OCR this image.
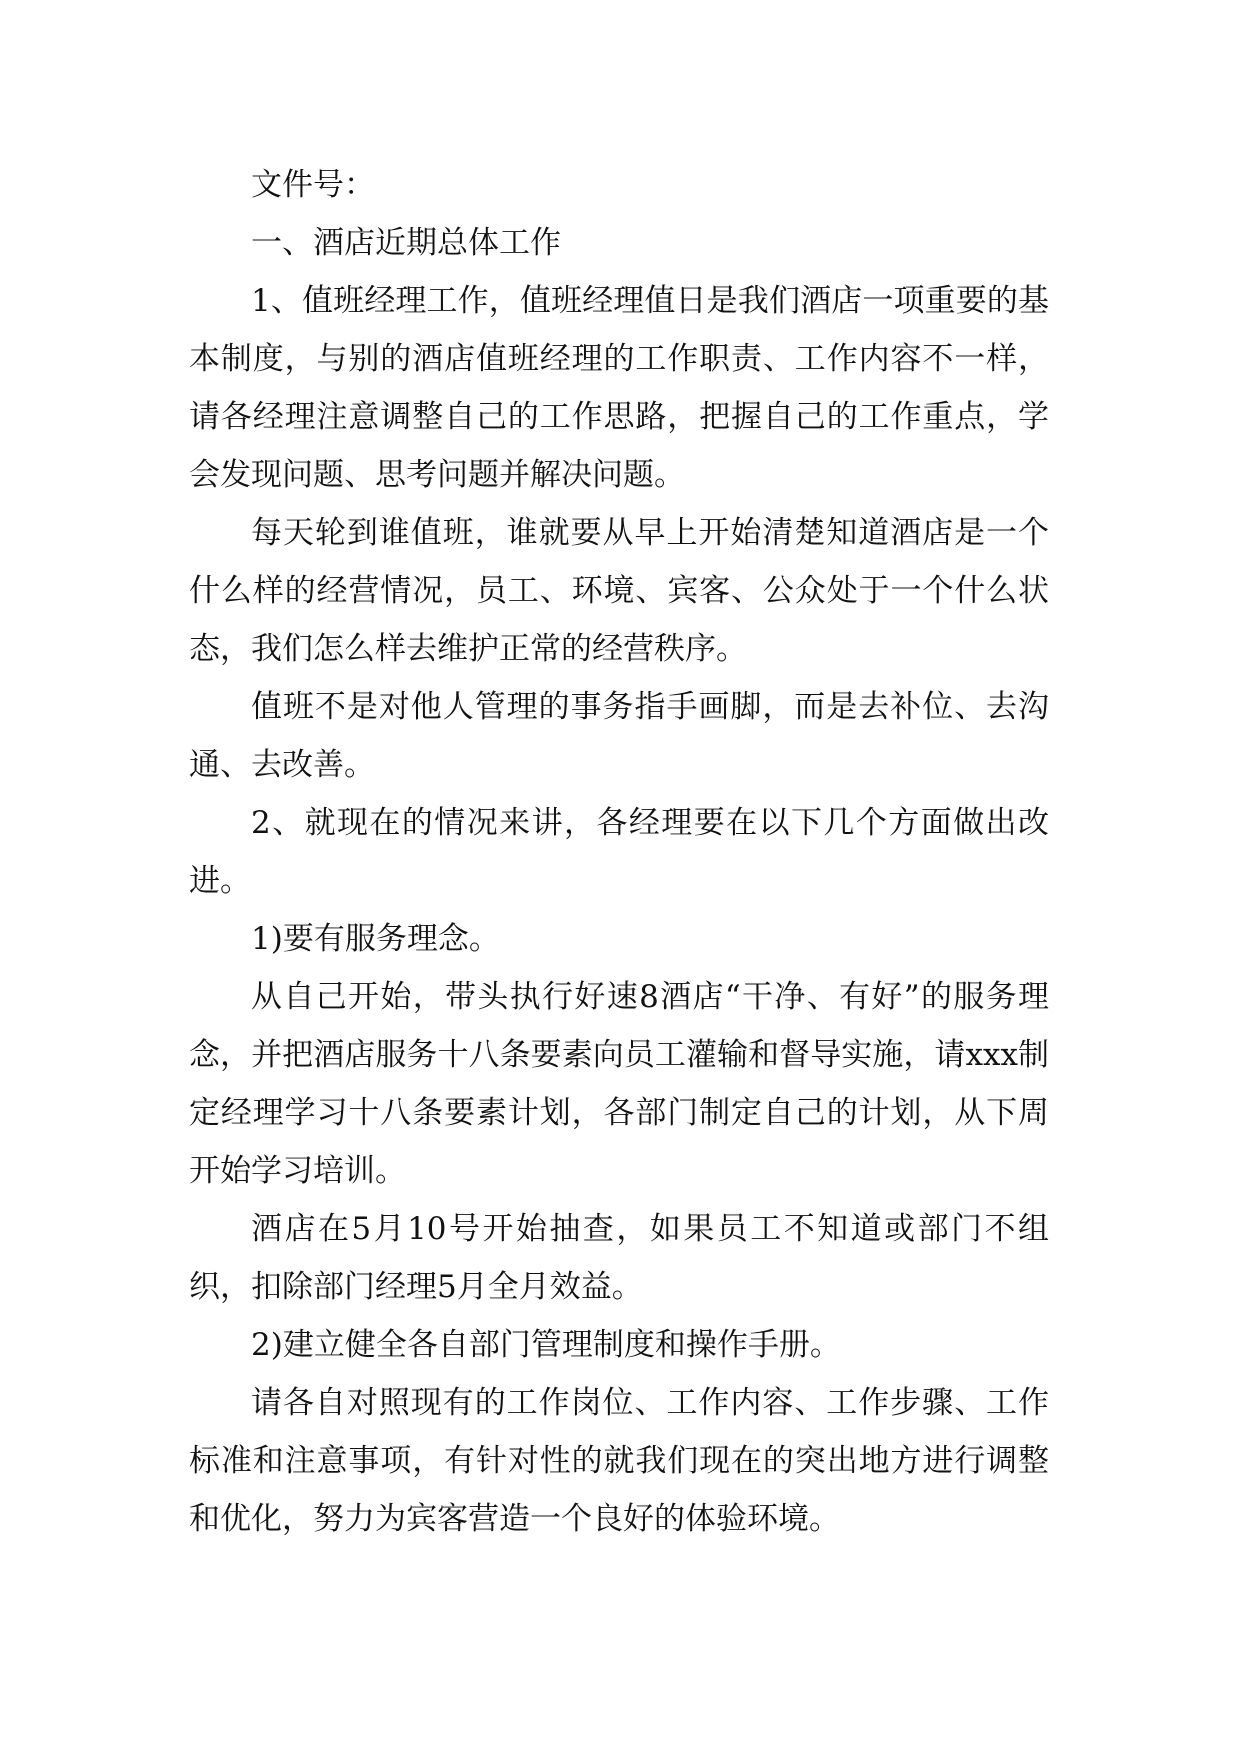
文件号：

一、酒店近期总体工作

1、值班经理工作，值班经理值日是我们酒店一项重要的基本制度，与别的酒店值班经理的工作职责、工作内容不一样，请各经理注意调整自己的工作思路，把握自己的工作重点，学会发现问题、思考问题并解决问题。

每天轮到谁值班，谁就要从早上开始清楚知道酒店是一个什么样的经营情况，员工、环境、宾客、公众处于一个什么状态，我们怎么样去维护正常的经营秩序。

值班不是对他人管理的事务指手画脚，而是去补位、去沟通、去改善。

2、就现在的情况来讲，各经理要在以下几个方面做出改进。

1)要有服务理念。

从自己开始，带头执行好速8酒店“干净、有好”的服务理念，并把酒店服务十八条要素向员工灌输和督导实施，请xxx制定经理学习十八条要素计划，各部门制定自己的计划，从下周开始学习培训。

酒店在5月10号开始抽查，如果员工不知道或部门不组织，扣除部门经理5月全月效益。

2)建立健全各自部门管理制度和操作手册。

请各自对照现有的工作岗位、工作内容、工作步骤、工作标准和注意事项，有针对性的就我们现在的突出地方进行调整和优化，努力为宾客营造一个良好的体验环境。
